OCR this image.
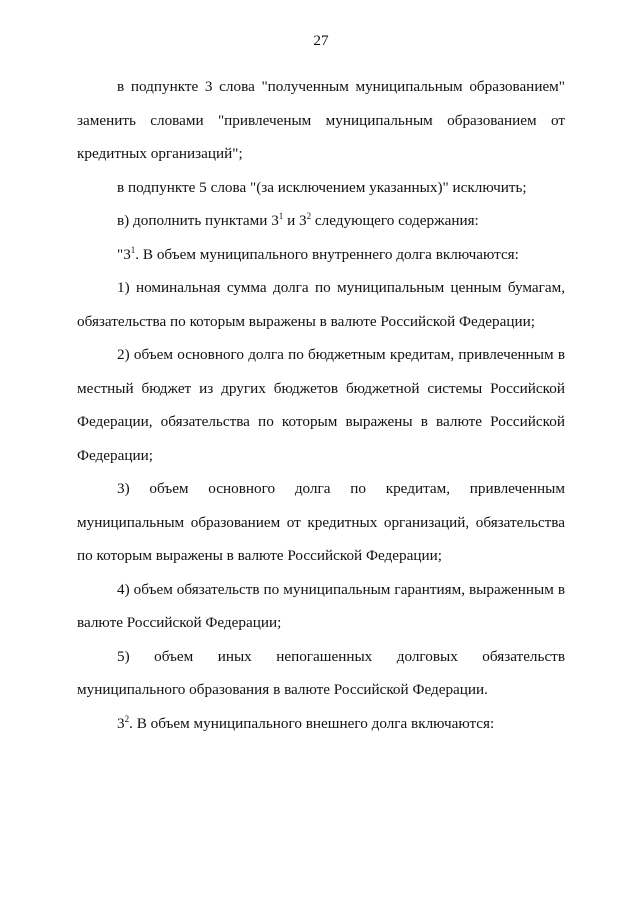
27

в подпункте 3 слова "полученным муниципальным образованием" заменить словами "привлеченым муниципальным образованием от кредитных организаций";

в подпункте 5 слова "(за исключением указанных)" исключить;

в) дополнить пунктами $3^1$ и $3^2$ следующего содержания:

"$3^1$. В объем муниципального внутреннего долга включаются:

1) номинальная сумма долга по муниципальным ценным бумагам, обязательства по которым выражены в валюте Российской Федерации;

2) объем основного долга по бюджетным кредитам, привлеченным в местный бюджет из других бюджетов бюджетной системы Российской Федерации, обязательства по которым выражены в валюте Российской Федерации;

3) объем основного долга по кредитам, привлеченным муниципальным образованием от кредитных организаций, обязательства по которым выражены в валюте Российской Федерации;

4) объем обязательств по муниципальным гарантиям, выраженным в валюте Российской Федерации;

5) объем иных непогашенных долговых обязательств муниципального образования в валюте Российской Федерации.

$3^2$. В объем муниципального внешнего долга включаются:
